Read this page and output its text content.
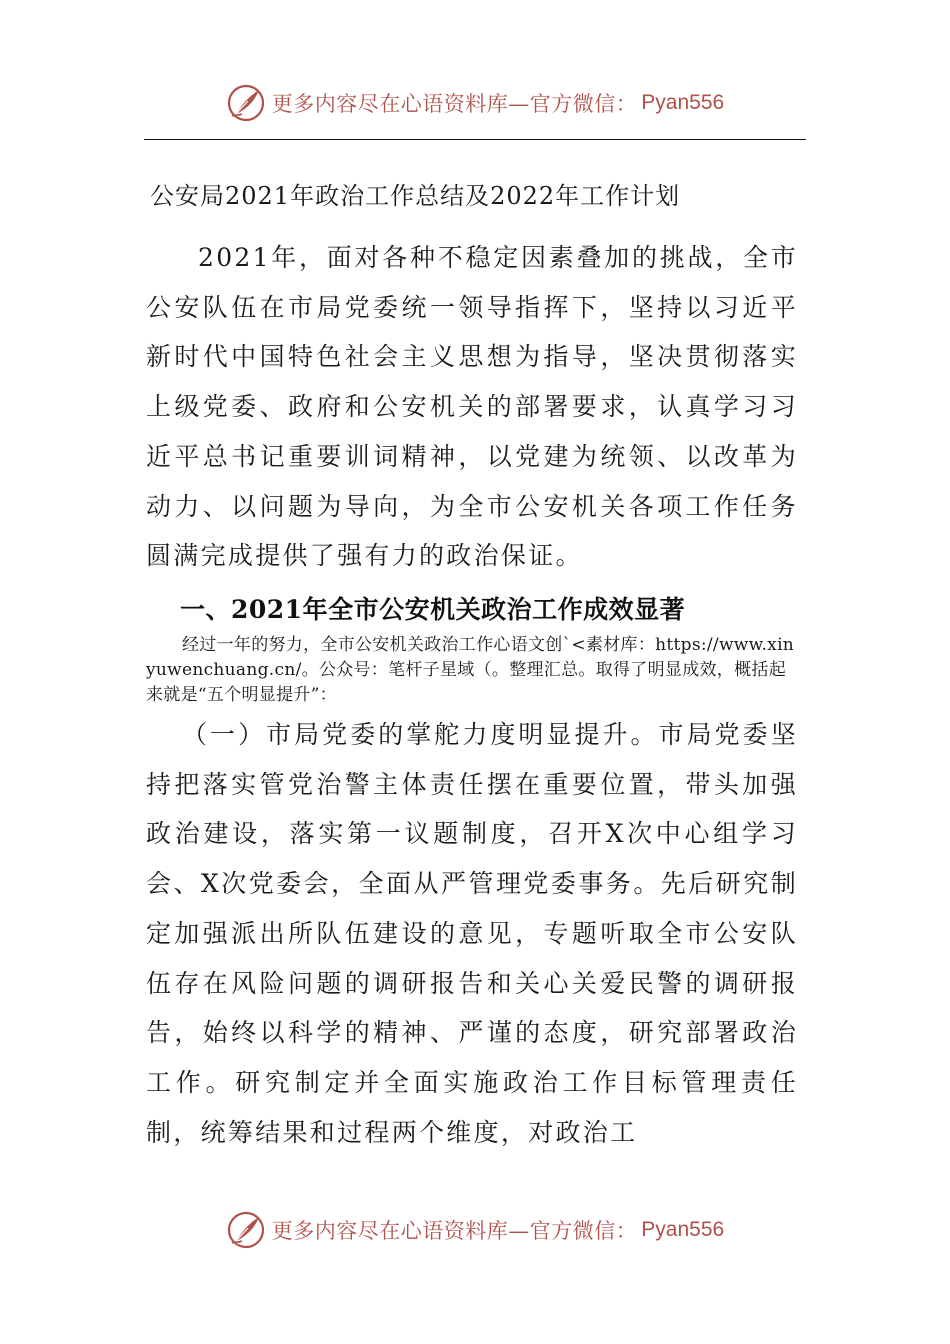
更多内容尽在心语资料库—官方微信： Pyan556
公安局2021年政治工作总结及2022年工作计划

2021年，面对各种不稳定因素叠加的挑战，全市公安队伍在市局党委统一领导指挥下，坚持以习近平新时代中国特色社会主义思想为指导，坚决贯彻落实上级党委、政府和公安机关的部署要求，认真学习习近平总书记重要训词精神，以党建为统领、以改革为动力、以问题为导向，为全市公安机关各项工作任务圆满完成提供了强有力的政治保证。

一、2021年全市公安机关政治工作成效显著

经过一年的努力，全市公安机关政治工作心语文创`<素材库：https://www.xinyuwenchuang.cn/。公众号：笔杆子星域（。整理汇总。取得了明显成效，概括起来就是“五个明显提升”：

（一）市局党委的掌舵力度明显提升。市局党委坚持把落实管党治警主体责任摆在重要位置，带头加强政治建设，落实第一议题制度，召开X次中心组学习会、X次党委会，全面从严管理党委事务。先后研究制定加强派出所队伍建设的意见，专题听取全市公安队伍存在风险问题的调研报告和关心关爱民警的调研报告，始终以科学的精神、严谨的态度，研究部署政治工作。研究制定并全面实施政治工作目标管理责任制，统筹结果和过程两个维度，对政治工

更多内容尽在心语资料库—官方微信： Pyan556
